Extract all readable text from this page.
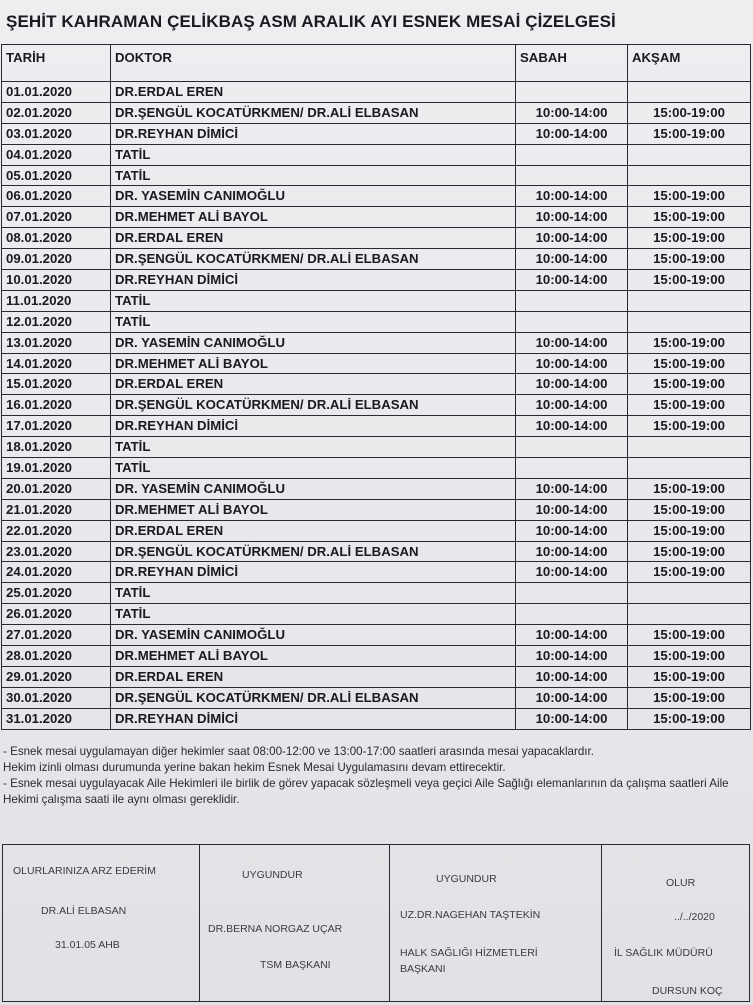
ŞEHİT KAHRAMAN ÇELİKBAŞ ASM ARALIK AYI ESNEK MESAİ ÇİZELGESİ
TARİH	DOKTOR	SABAH	AKŞAM
01.01.2020	DR.ERDAL EREN		
02.01.2020	DR.ŞENGÜL KOCATÜRKMEN/ DR.ALİ ELBASAN	10:00-14:00	15:00-19:00
03.01.2020	DR.REYHAN DİMİCİ	10:00-14:00	15:00-19:00
04.01.2020	TATİL		
05.01.2020	TATİL		
06.01.2020	DR. YASEMİN CANIMOĞLU	10:00-14:00	15:00-19:00
07.01.2020	DR.MEHMET ALİ BAYOL	10:00-14:00	15:00-19:00
08.01.2020	DR.ERDAL EREN	10:00-14:00	15:00-19:00
09.01.2020	DR.ŞENGÜL KOCATÜRKMEN/ DR.ALİ ELBASAN	10:00-14:00	15:00-19:00
10.01.2020	DR.REYHAN DİMİCİ	10:00-14:00	15:00-19:00
11.01.2020	TATİL		
12.01.2020	TATİL		
13.01.2020	DR. YASEMİN CANIMOĞLU	10:00-14:00	15:00-19:00
14.01.2020	DR.MEHMET ALİ BAYOL	10:00-14:00	15:00-19:00
15.01.2020	DR.ERDAL EREN	10:00-14:00	15:00-19:00
16.01.2020	DR.ŞENGÜL KOCATÜRKMEN/ DR.ALİ ELBASAN	10:00-14:00	15:00-19:00
17.01.2020	DR.REYHAN DİMİCİ	10:00-14:00	15:00-19:00
18.01.2020	TATİL		
19.01.2020	TATİL		
20.01.2020	DR. YASEMİN CANIMOĞLU	10:00-14:00	15:00-19:00
21.01.2020	DR.MEHMET ALİ BAYOL	10:00-14:00	15:00-19:00
22.01.2020	DR.ERDAL EREN	10:00-14:00	15:00-19:00
23.01.2020	DR.ŞENGÜL KOCATÜRKMEN/ DR.ALİ ELBASAN	10:00-14:00	15:00-19:00
24.01.2020	DR.REYHAN DİMİCİ	10:00-14:00	15:00-19:00
25.01.2020	TATİL		
26.01.2020	TATİL		
27.01.2020	DR. YASEMİN CANIMOĞLU	10:00-14:00	15:00-19:00
28.01.2020	DR.MEHMET ALİ BAYOL	10:00-14:00	15:00-19:00
29.01.2020	DR.ERDAL EREN	10:00-14:00	15:00-19:00
30.01.2020	DR.ŞENGÜL KOCATÜRKMEN/ DR.ALİ ELBASAN	10:00-14:00	15:00-19:00
31.01.2020	DR.REYHAN DİMİCİ	10:00-14:00	15:00-19:00

- Esnek mesai uygulamayan diğer hekimler saat 08:00-12:00 ve 13:00-17:00 saatleri arasında mesai yapacaklardır.

Hekim izinli olması durumunda yerine bakan hekim Esnek Mesai Uygulamasını devam ettirecektir.

- Esnek mesai uygulayacak Aile Hekimleri ile birlik de görev yapacak sözleşmeli veya geçici Aile Sağlığı elemanlarının da çalışma saatleri Aile Hekimi çalışma saati ile aynı olması gereklidir.

OLURLARINIZA ARZ EDERİM
DR.ALİ ELBASAN
31.01.05 AHB
UYGUNDUR
DR.BERNA NORGAZ UÇAR
TSM BAŞKANI
UYGUNDUR
UZ.DR.NAGEHAN TAŞTEKİN
HALK SAĞLIĞI HİZMETLERİ
BAŞKANI
OLUR
../../2020
İL SAĞLIK MÜDÜRÜ
DURSUN KOÇ
